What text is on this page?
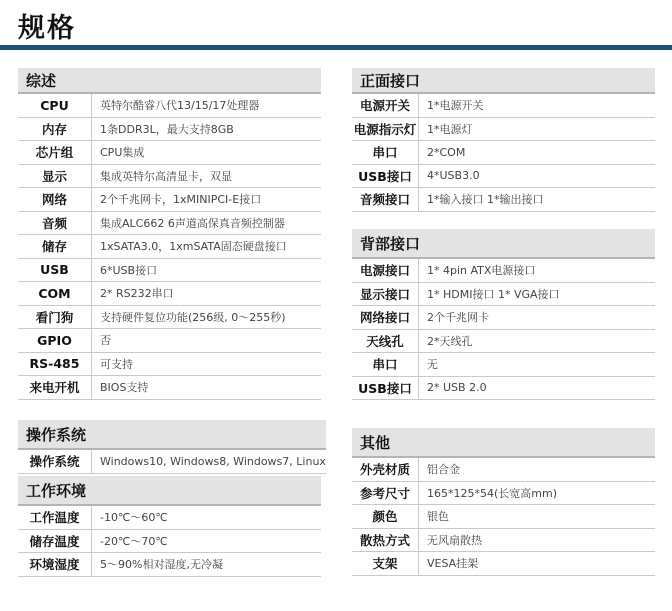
规格
综述
CPU	英特尔酷睿八代13/15/17处理器
内存	1条DDR3L，最大支持8GB
芯片组	CPU集成
显示	集成英特尔高清显卡，双显
网络	2个千兆网卡，1xMINIPCI-E接口
音频	集成ALC662 6声道高保真音频控制器
储存	1xSATA3.0，1xmSATA固态硬盘接口
USB	6*USB接口
COM	2* RS232串口
看门狗	支持硬件复位功能(256级, 0～255秒)
GPIO	否
RS-485	可支持
来电开机	BIOS支持
操作系统
操作系统	Windows10, Windows8, Windows7, Linux
工作环境
工作温度	-10℃～60℃
储存温度	-20℃～70℃
环境湿度	5～90%相对湿度,无冷凝
正面接口
电源开关	1*电源开关
电源指示灯 1*电源灯
串口	2*COM
USB接口	4*USB3.0
音频接口	1*输入接口 1*输出接口
背部接口
电源接口	1* 4pin ATX电源接口
显示接口	1* HDMI接口 1* VGA接口
网络接口	2个千兆网卡
天线孔	2*天线孔
串口	无
USB接口	2* USB 2.0
其他
外壳材质	铝合金
参考尺寸	165*125*54(长宽高mm)
颜色	银色
散热方式	无风扇散热
支架	VESA挂架
